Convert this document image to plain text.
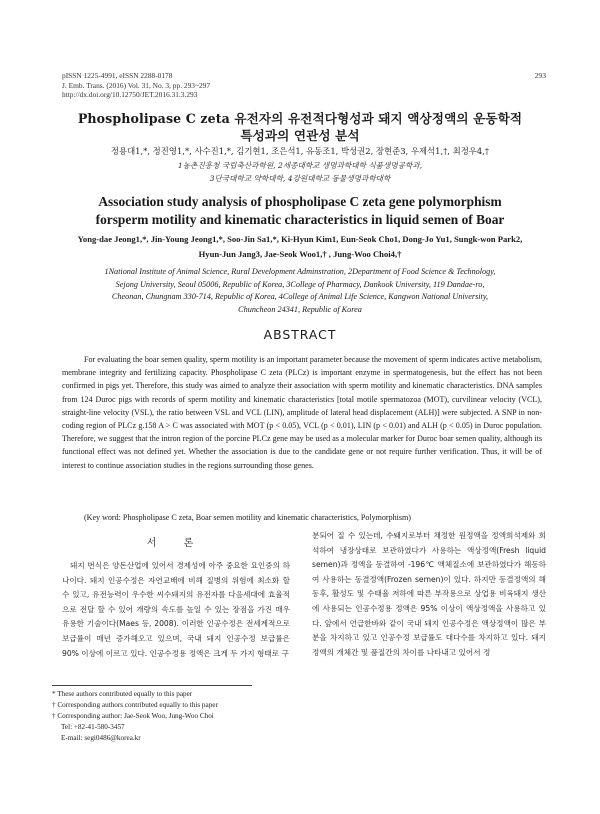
pISSN 1225-4991, eISSN 2288-0178
J. Emb. Trans. (2016) Vol. 31, No. 3, pp. 293~297
http://dx.doi.org/10.12750/JET.2016.31.3.293
293
Phospholipase C zeta 유전자의 유전적다형성과 돼지 액상정액의 운동학적
특성과의 연관성 분석
정용대1,*, 정진영1,*, 사수진1,*, 김기현1, 조은석1, 유동조1, 박성권2, 장현준3, 우제석1,†, 최정우4,†
1농촌진흥청 국립축산과학원, 2세종대학교 생명과학대학 식품생명공학과,
3단국대학교 약학대학, 4강원대학교 동물생명과학대학
Association study analysis of phospholipase C zeta gene polymorphism
forsperm motility and kinematic characteristics in liquid semen of Boar
Yong-dae Jeong1,*, Jin-Young Jeong1,*, Soo-Jin Sa1,*, Ki-Hyun Kim1, Eun-Seok Cho1, Dong-Jo Yu1, Sungk-won Park2,
Hyun-Jun Jang3, Jae-Seok Woo1,† , Jung-Woo Choi4,†
1National Institute of Animal Science, Rural Development Adminstration, 2Department of Food Science & Technology,
Sejong University, Seoul 05006, Republic of Korea, 3College of Pharmacy, Dankook University, 119 Dandae-ro,
Cheonan, Chungnam 330-714, Republic of Korea, 4College of Animal Life Science, Kangwon National University,
Chuncheon 24341, Republic of Korea
ABSTRACT
For evaluating the boar semen quality, sperm motility is an important parameter because the movement of sperm indicates active metabolism, membrane integrity and fertilizing capacity. Phospholipase C zeta (PLCz) is important enzyme in spermatogenesis, but the effect has not been confirmed in pigs yet. Therefore, this study was aimed to analyze their association with sperm motility and kinematic characteristics. DNA samples from 124 Duroc pigs with records of sperm motility and kinematic characteristics [total motile spermatozoa (MOT), curvilinear velocity (VCL), straight-line velocity (VSL), the ratio between VSL and VCL (LIN), amplitude of lateral head displacement (ALH)] were subjected. A SNP in non-coding region of PLCz g.158 A > C was associated with MOT (p < 0.05), VCL (p < 0.01), LIN (p < 0.01) and ALH (p < 0.05) in Duroc population. Therefore, we suggest that the intron region of the porcine PLCz gene may be used as a molecular marker for Duroc boar semen quality, although its functional effect was not defined yet. Whether the association is due to the candidate gene or not require further verification. Thus, it will be of interest to continue association studies in the regions surrounding those genes.
(Key word: Phospholipase C zeta, Boar semen motility and kinematic characteristics, Polymorphism)
서 론
돼지 번식은 양돈산업에 있어서 경제성에 아주 중요한 요인중의 하나이다. 돼지 인공수정은 자연교배에 비해 질병의 위험에 최소화 할 수 있고, 유전능력이 우수한 씨수돼지의 유전자를 다음세대에 효율적으로 전달 할 수 있어 개량의 속도를 높일 수 있는 장점을 가진 매우 유용한 기술이다(Maes 등, 2008). 이러한 인공수정은 전세계적으로 보급률이 매년 증가해오고 있으며, 국내 돼지 인공수정 보급률은 90% 이상에 이르고 있다. 인공수정용 정액은 크게 두 가지 형태로 구
분되어 질 수 있는데, 수퇘지로부터 채정한 원정액을 정액희석제와 희석하여 냉장상태로 보관하였다가 사용하는 액상정액(Fresh liquid semen)과 정액을 동결하여 -196℃ 액체질소에 보관하였다가 해동하여 사용하는 동결정액(Frozen semen)이 있다. 하지만 동결정액의 해동후, 활성도 및 수태율 저하에 따른 부작용으로 상업용 비육돼지 생산에 사용되는 인공수정용 정액은 95% 이상이 액상정액을 사용하고 있다. 앞에서 언급한바와 같이 국내 돼지 인공수정은 액상정액이 많은 부분을 차지하고 있고 인공수정 보급률도 대다수를 차지하고 있다. 돼지 정액의 개체간 및 품질간의 차이를 나타내고 있어서 정
* These authors contributed equally to this paper
† Corresponding authors contributed equally to this paper
† Corresponding author: Jae-Seok Woo, Jung-Woo Choi
Tel: +82-41-580-3457
E-mail: segi0486@korea.kr
